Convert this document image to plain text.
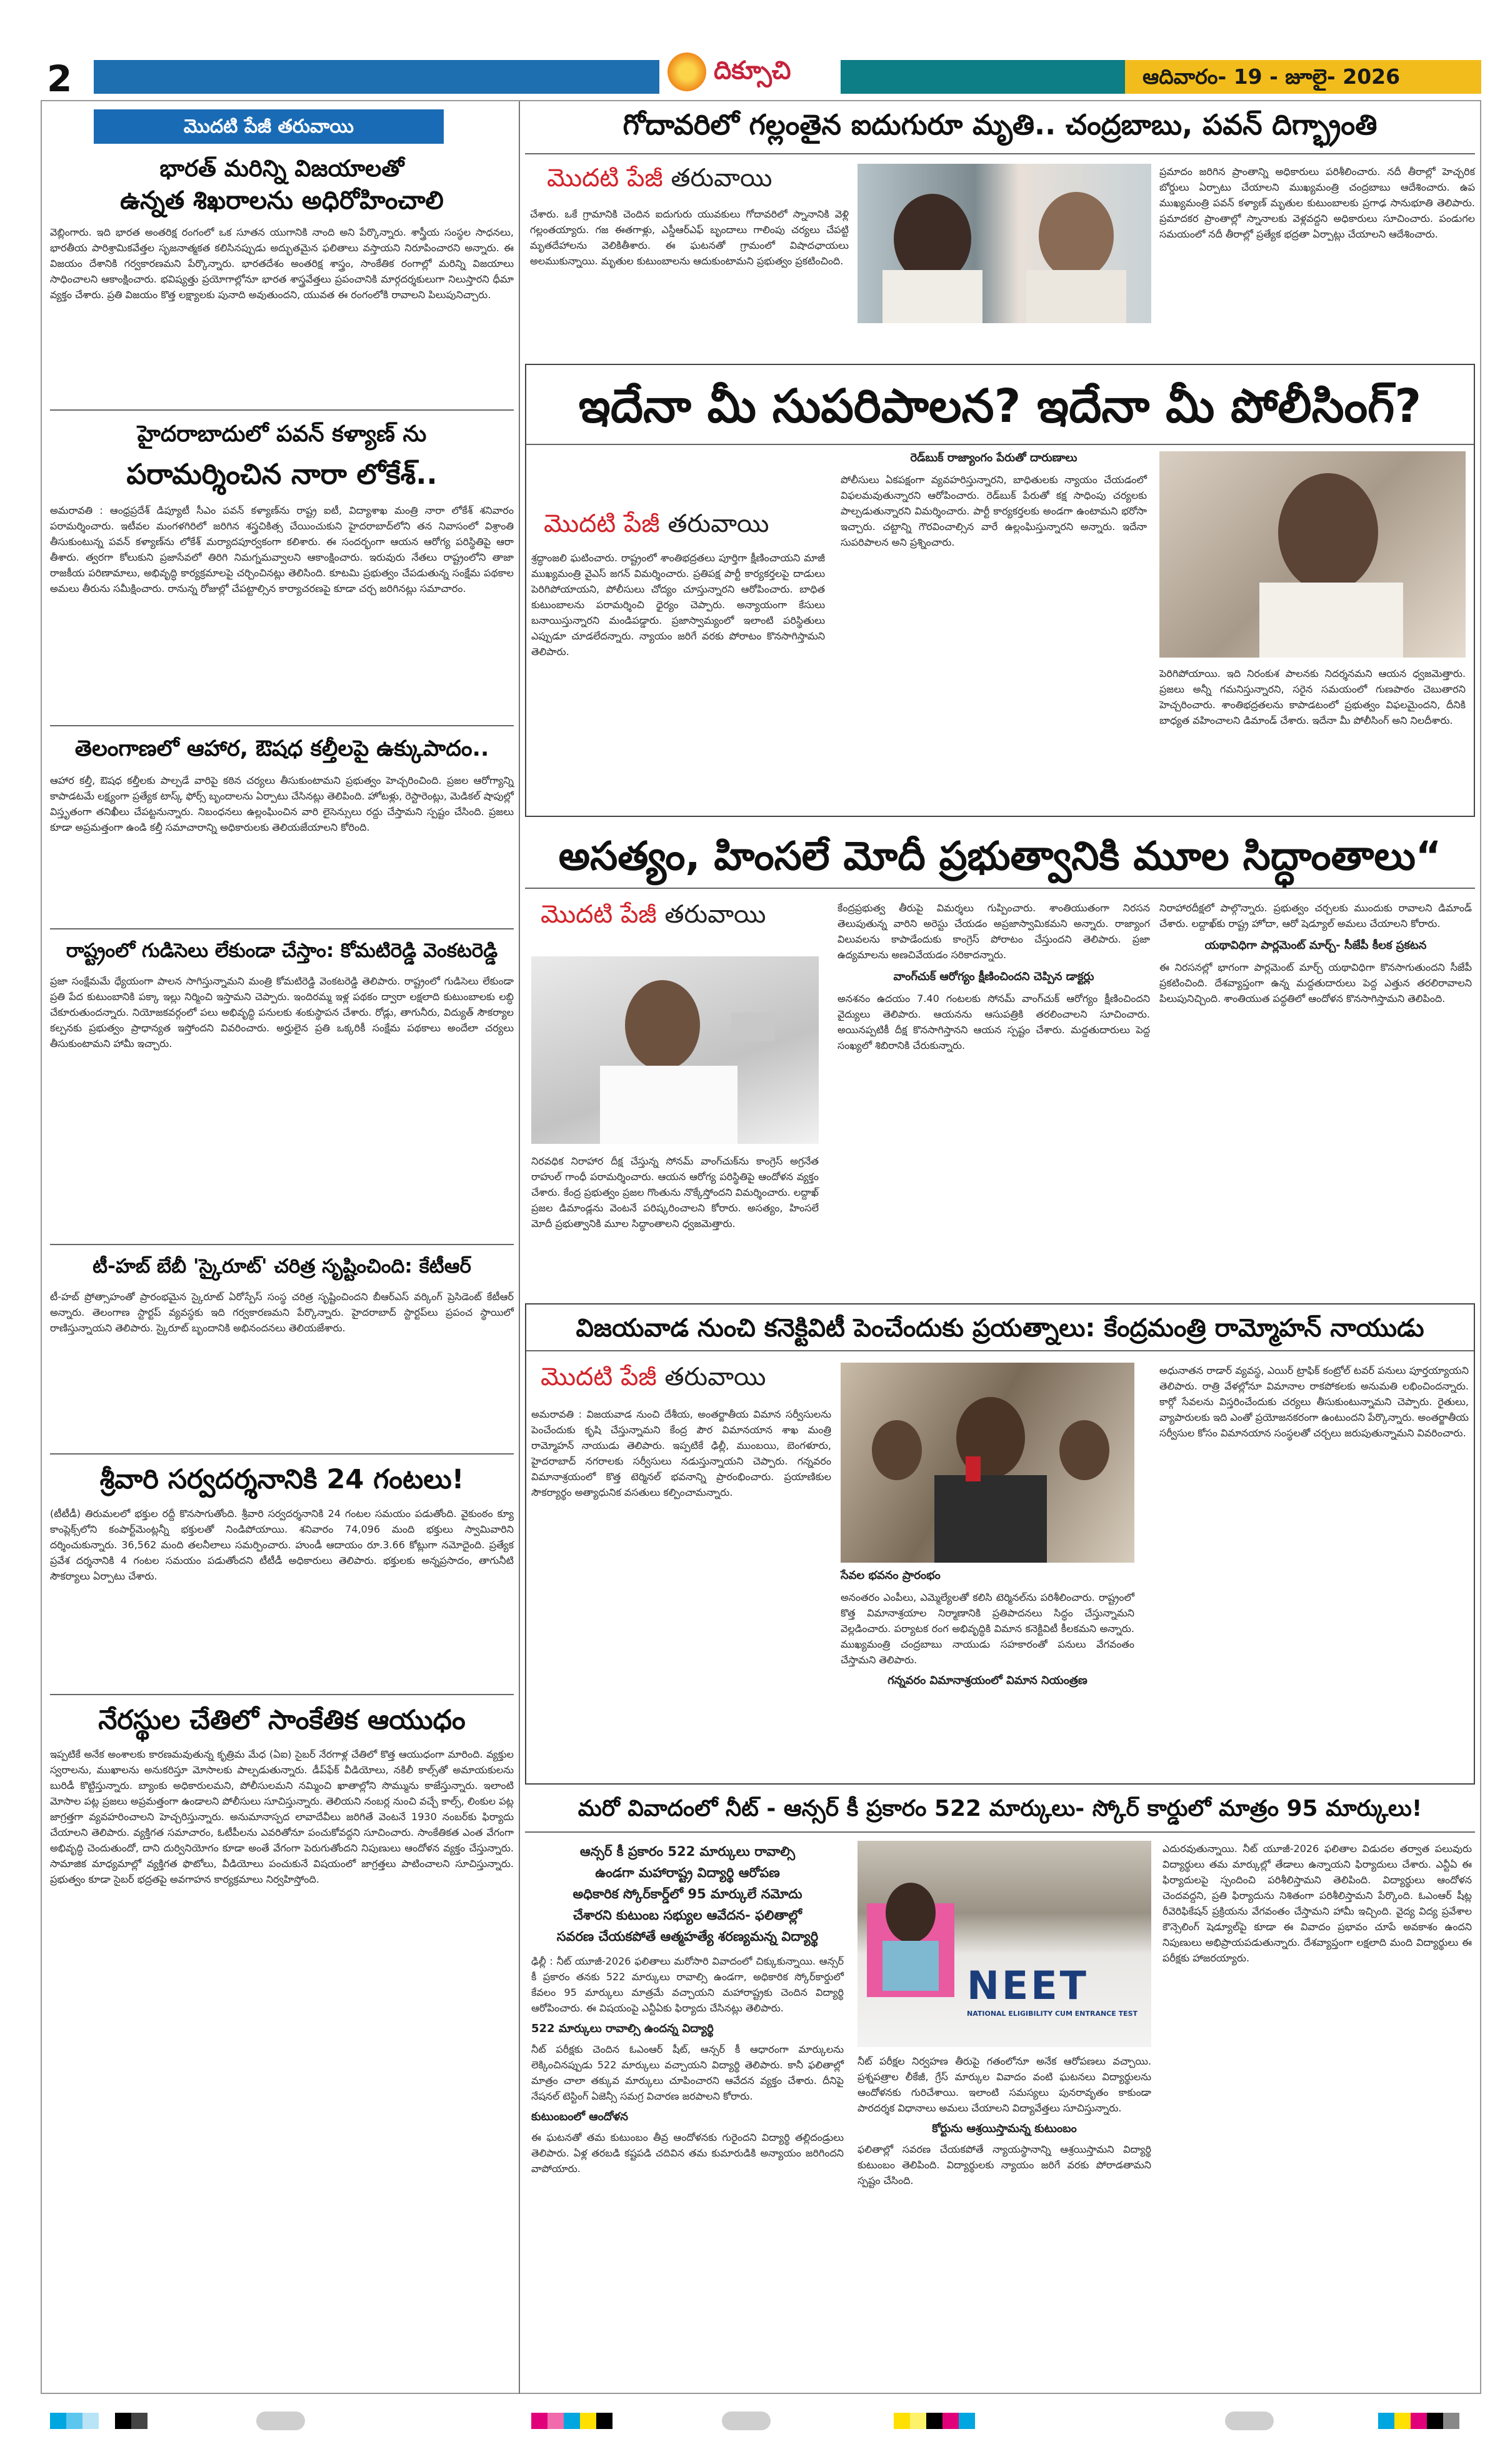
2	దిక్సూచి	ఆదివారం- 19 - జూలై- 2026
మొదటి పేజీ తరువాయి
భారత్ మరిన్ని విజయాలతో
ఉన్నత శిఖరాలను అధిరోహించాలి

వెబ్లింగారు. ఇది భారత అంతరిక్ష రంగంలో ఒక సూతన యుగానికి నాంది అని పేర్కొన్నారు. శాస్త్రీయ సంస్థల సాధనలు, భారతీయ పారిశ్రామికవేత్తల సృజనాత్మకత కలిసినప్పుడు అద్భుతమైన ఫలితాలు వస్తాయని నిరూపించారని అన్నారు. ఈ విజయం దేశానికి గర్వకారణమని పేర్కొన్నారు. భారతదేశం అంతరిక్ష శాస్త్రం, సాంకేతిక రంగాల్లో మరిన్ని విజయాలు సాధించాలని ఆకాంక్షించారు. భవిష్యత్తు ప్రయోగాల్లోనూ భారత శాస్త్రవేత్తలు ప్రపంచానికి మార్గదర్శకులుగా నిలుస్తారని ధీమా వ్యక్తం చేశారు. ప్రతి విజయం కొత్త లక్ష్యాలకు పునాది అవుతుందని, యువత ఈ రంగంలోకి రావాలని పిలుపునిచ్చారు.

హైదరాబాదులో పవన్ కళ్యాణ్ ను
పరామర్శించిన నారా లోకేశ్..

అమరావతి : ఆంధ్రప్రదేశ్ డిప్యూటీ సీఎం పవన్ కళ్యాణ్‌ను రాష్ట్ర ఐటీ, విద్యాశాఖ మంత్రి నారా లోకేశ్ శనివారం పరామర్శించారు. ఇటీవల మంగళగిరిలో జరిగిన శస్త్రచికిత్స చేయించుకుని హైదరాబాద్‌లోని తన నివాసంలో విశ్రాంతి తీసుకుంటున్న పవన్ కళ్యాణ్‌ను లోకేశ్ మర్యాదపూర్వకంగా కలిశారు. ఈ సందర్భంగా ఆయన ఆరోగ్య పరిస్థితిపై ఆరా తీశారు. త్వరగా కోలుకుని ప్రజాసేవలో తిరిగి నిమగ్నమవ్వాలని ఆకాంక్షించారు. ఇరువురు నేతలు రాష్ట్రంలోని తాజా రాజకీయ పరిణామాలు, అభివృద్ధి కార్యక్రమాలపై చర్చించినట్లు తెలిసింది. కూటమి ప్రభుత్వం చేపడుతున్న సంక్షేమ పథకాల అమలు తీరును సమీక్షించారు. రానున్న రోజుల్లో చేపట్టాల్సిన కార్యాచరణపై కూడా చర్చ జరిగినట్లు సమాచారం.

తెలంగాణలో ఆహార, ఔషధ కల్తీలపై ఉక్కుపాదం..

ఆహార కల్తీ, ఔషధ కల్తీలకు పాల్పడే వారిపై కఠిన చర్యలు తీసుకుంటామని ప్రభుత్వం హెచ్చరించింది. ప్రజల ఆరోగ్యాన్ని కాపాడటమే లక్ష్యంగా ప్రత్యేక టాస్క్ ఫోర్స్ బృందాలను ఏర్పాటు చేసినట్లు తెలిపింది. హోటళ్లు, రెస్టారెంట్లు, మెడికల్ షాపుల్లో విస్తృతంగా తనిఖీలు చేపట్టనున్నారు. నిబంధనలు ఉల్లంఘించిన వారి లైసెన్సులు రద్దు చేస్తామని స్పష్టం చేసింది. ప్రజలు కూడా అప్రమత్తంగా ఉండి కల్తీ సమాచారాన్ని అధికారులకు తెలియజేయాలని కోరింది.

రాష్ట్రంలో గుడిసెలు లేకుండా చేస్తాం: కోమటిరెడ్డి వెంకటరెడ్డి

ప్రజా సంక్షేమమే ధ్యేయంగా పాలన సాగిస్తున్నామని మంత్రి కోమటిరెడ్డి వెంకటరెడ్డి తెలిపారు. రాష్ట్రంలో గుడిసెలు లేకుండా ప్రతి పేద కుటుంబానికి పక్కా ఇల్లు నిర్మించి ఇస్తామని చెప్పారు. ఇందిరమ్మ ఇళ్ల పథకం ద్వారా లక్షలాది కుటుంబాలకు లబ్ధి చేకూరుతుందన్నారు. నియోజకవర్గంలో పలు అభివృద్ధి పనులకు శంకుస్థాపన చేశారు. రోడ్లు, తాగునీరు, విద్యుత్ సౌకర్యాల కల్పనకు ప్రభుత్వం ప్రాధాన్యత ఇస్తోందని వివరించారు. అర్హులైన ప్రతి ఒక్కరికీ సంక్షేమ పథకాలు అందేలా చర్యలు తీసుకుంటామని హామీ ఇచ్చారు.

టీ-హబ్ బేబీ 'స్కైరూట్' చరిత్ర సృష్టించింది: కేటీఆర్

టీ-హబ్ ప్రోత్సాహంతో ప్రారంభమైన స్కైరూట్ ఏరోస్పేస్ సంస్థ చరిత్ర సృష్టించిందని బీఆర్ఎస్ వర్కింగ్ ప్రెసిడెంట్ కేటీఆర్ అన్నారు. తెలంగాణ స్టార్టప్ వ్యవస్థకు ఇది గర్వకారణమని పేర్కొన్నారు. హైదరాబాద్ స్టార్టప్‌లు ప్రపంచ స్థాయిలో రాణిస్తున్నాయని తెలిపారు. స్కైరూట్ బృందానికి అభినందనలు తెలియజేశారు.

శ్రీవారి సర్వదర్శనానికి 24 గంటలు!

(టీటీడీ) తిరుమలలో భక్తుల రద్దీ కొనసాగుతోంది. శ్రీవారి సర్వదర్శనానికి 24 గంటల సమయం పడుతోంది. వైకుంఠం క్యూ కాంప్లెక్స్‌లోని కంపార్ట్‌మెంట్లన్నీ భక్తులతో నిండిపోయాయి. శనివారం 74,096 మంది భక్తులు స్వామివారిని దర్శించుకున్నారు. 36,562 మంది తలనీలాలు సమర్పించారు. హుండీ ఆదాయం రూ.3.66 కోట్లుగా నమోదైంది. ప్రత్యేక ప్రవేశ దర్శనానికి 4 గంటల సమయం పడుతోందని టీటీడీ అధికారులు తెలిపారు. భక్తులకు అన్నప్రసాదం, తాగునీటి సౌకర్యాలు ఏర్పాటు చేశారు.

నేరస్థుల చేతిలో సాంకేతిక ఆయుధం

ఇప్పటికే అనేక అంశాలకు కారణమవుతున్న కృత్రిమ మేధ (ఏఐ) సైబర్ నేరగాళ్ల చేతిలో కొత్త ఆయుధంగా మారింది. వ్యక్తుల స్వరాలను, ముఖాలను అనుకరిస్తూ మోసాలకు పాల్పడుతున్నారు. డీప్‌ఫేక్ వీడియోలు, నకిలీ కాల్స్‌తో అమాయకులను బురిడీ కొట్టిస్తున్నారు. బ్యాంకు అధికారులమని, పోలీసులమని నమ్మించి ఖాతాల్లోని సొమ్మును కాజేస్తున్నారు. ఇలాంటి మోసాల పట్ల ప్రజలు అప్రమత్తంగా ఉండాలని పోలీసులు సూచిస్తున్నారు. తెలియని నంబర్ల నుంచి వచ్చే కాల్స్, లింకుల పట్ల జాగ్రత్తగా వ్యవహరించాలని హెచ్చరిస్తున్నారు. అనుమానాస్పద లావాదేవీలు జరిగితే వెంటనే 1930 నంబర్‌కు ఫిర్యాదు చేయాలని తెలిపారు. వ్యక్తిగత సమాచారం, ఓటీపీలను ఎవరితోనూ పంచుకోవద్దని సూచించారు. సాంకేతికత ఎంత వేగంగా అభివృద్ధి చెందుతుందో, దాని దుర్వినియోగం కూడా అంతే వేగంగా పెరుగుతోందని నిపుణులు ఆందోళన వ్యక్తం చేస్తున్నారు. సామాజిక మాధ్యమాల్లో వ్యక్తిగత ఫొటోలు, వీడియోలు పంచుకునే విషయంలో జాగ్రత్తలు పాటించాలని సూచిస్తున్నారు. ప్రభుత్వం కూడా సైబర్ భద్రతపై అవగాహన కార్యక్రమాలు నిర్వహిస్తోంది.

గోదావరిలో గల్లంతైన ఐదుగురూ మృతి.. చంద్రబాబు, పవన్ దిగ్భ్రాంతి
మొదటి పేజీ తరువాయి

చేశారు. ఒకే గ్రామానికి చెందిన ఐదుగురు యువకులు గోదావరిలో స్నానానికి వెళ్లి గల్లంతయ్యారు. గజ ఈతగాళ్లు, ఎస్డీఆర్ఎఫ్ బృందాలు గాలింపు చర్యలు చేపట్టి మృతదేహాలను వెలికితీశారు. ఈ ఘటనతో గ్రామంలో విషాదఛాయలు అలముకున్నాయి. మృతుల కుటుంబాలను ఆదుకుంటామని ప్రభుత్వం ప్రకటించింది.

ప్రమాదం జరిగిన ప్రాంతాన్ని అధికారులు పరిశీలించారు. నదీ తీరాల్లో హెచ్చరిక బోర్డులు ఏర్పాటు చేయాలని ముఖ్యమంత్రి చంద్రబాబు ఆదేశించారు. ఉప ముఖ్యమంత్రి పవన్ కళ్యాణ్ మృతుల కుటుంబాలకు ప్రగాఢ సానుభూతి తెలిపారు. ప్రమాదకర ప్రాంతాల్లో స్నానాలకు వెళ్లవద్దని అధికారులు సూచించారు. పండుగల సమయంలో నదీ తీరాల్లో ప్రత్యేక భద్రతా ఏర్పాట్లు చేయాలని ఆదేశించారు.

ఇదేనా మీ సుపరిపాలన? ఇదేనా మీ పోలీసింగ్?
మొదటి పేజీ తరువాయి

శ్రద్ధాంజలి ఘటించారు. రాష్ట్రంలో శాంతిభద్రతలు పూర్తిగా క్షీణించాయని మాజీ ముఖ్యమంత్రి వైఎస్ జగన్ విమర్శించారు. ప్రతిపక్ష పార్టీ కార్యకర్తలపై దాడులు పెరిగిపోయాయని, పోలీసులు చోద్యం చూస్తున్నారని ఆరోపించారు. బాధిత కుటుంబాలను పరామర్శించి ధైర్యం చెప్పారు. అన్యాయంగా కేసులు బనాయిస్తున్నారని మండిపడ్డారు. ప్రజాస్వామ్యంలో ఇలాంటి పరిస్థితులు ఎప్పుడూ చూడలేదన్నారు. న్యాయం జరిగే వరకు పోరాటం కొనసాగిస్తామని తెలిపారు.

రెడ్‌బుక్ రాజ్యాంగం పేరుతో దారుణాలు

పోలీసులు ఏకపక్షంగా వ్యవహరిస్తున్నారని, బాధితులకు న్యాయం చేయడంలో విఫలమవుతున్నారని ఆరోపించారు. రెడ్‌బుక్ పేరుతో కక్ష సాధింపు చర్యలకు పాల్పడుతున్నారని విమర్శించారు. పార్టీ కార్యకర్తలకు అండగా ఉంటామని భరోసా ఇచ్చారు. చట్టాన్ని గౌరవించాల్సిన వారే ఉల్లంఘిస్తున్నారని అన్నారు. ఇదేనా సుపరిపాలన అని ప్రశ్నించారు.

పెరిగిపోయాయి. ఇది నిరంకుశ పాలనకు నిదర్శనమని ఆయన ధ్వజమెత్తారు. ప్రజలు అన్నీ గమనిస్తున్నారని, సరైన సమయంలో గుణపాఠం చెబుతారని హెచ్చరించారు. శాంతిభద్రతలను కాపాడటంలో ప్రభుత్వం విఫలమైందని, దీనికి బాధ్యత వహించాలని డిమాండ్ చేశారు. ఇదేనా మీ పోలీసింగ్ అని నిలదీశారు.

అసత్యం, హింసలే మోదీ ప్రభుత్వానికి మూల సిద్ధాంతాలు“
మొదటి పేజీ తరువాయి

నిరవధిక నిరాహార దీక్ష చేస్తున్న సోనమ్ వాంగ్‌చుక్‌ను కాంగ్రెస్ అగ్రనేత రాహుల్ గాంధీ పరామర్శించారు. ఆయన ఆరోగ్య పరిస్థితిపై ఆందోళన వ్యక్తం చేశారు. కేంద్ర ప్రభుత్వం ప్రజల గొంతును నొక్కేస్తోందని విమర్శించారు. లద్దాఖ్ ప్రజల డిమాండ్లను వెంటనే పరిష్కరించాలని కోరారు. అసత్యం, హింసలే మోదీ ప్రభుత్వానికి మూల సిద్ధాంతాలని ధ్వజమెత్తారు.

కేంద్రప్రభుత్వ తీరుపై విమర్శలు గుప్పించారు. శాంతియుతంగా నిరసన తెలుపుతున్న వారిని అరెస్టు చేయడం అప్రజాస్వామికమని అన్నారు. రాజ్యాంగ విలువలను కాపాడేందుకు కాంగ్రెస్ పోరాటం చేస్తుందని తెలిపారు. ప్రజా ఉద్యమాలను అణచివేయడం సరికాదన్నారు.

వాంగ్‌చుక్ ఆరోగ్యం క్షీణించిందని చెప్పిన డాక్టర్లు

అనశనం ఉదయం 7.40 గంటలకు సోనమ్ వాంగ్‌చుక్ ఆరోగ్యం క్షీణించిందని వైద్యులు తెలిపారు. ఆయనను ఆసుపత్రికి తరలించాలని సూచించారు. అయినప్పటికీ దీక్ష కొనసాగిస్తానని ఆయన స్పష్టం చేశారు. మద్దతుదారులు పెద్ద సంఖ్యలో శిబిరానికి చేరుకున్నారు.

నిరాహారదీక్షలో పాల్గొన్నారు. ప్రభుత్వం చర్చలకు ముందుకు రావాలని డిమాండ్ చేశారు. లద్దాఖ్‌కు రాష్ట్ర హోదా, ఆరో షెడ్యూల్ అమలు చేయాలని కోరారు.

యథావిధిగా పార్లమెంట్ మార్చ్- సీజేపీ కీలక ప్రకటన

ఈ నిరసనల్లో భాగంగా పార్లమెంట్ మార్చ్ యథావిధిగా కొనసాగుతుందని సీజేపీ ప్రకటించింది. దేశవ్యాప్తంగా ఉన్న మద్దతుదారులు పెద్ద ఎత్తున తరలిరావాలని పిలుపునిచ్చింది. శాంతియుత పద్ధతిలో ఆందోళన కొనసాగిస్తామని తెలిపింది.

విజయవాడ నుంచి కనెక్టివిటీ పెంచేందుకు ప్రయత్నాలు: కేంద్రమంత్రి రామ్మోహన్ నాయుడు
మొదటి పేజీ తరువాయి

అమరావతి : విజయవాడ నుంచి దేశీయ, అంతర్జాతీయ విమాన సర్వీసులను పెంచేందుకు కృషి చేస్తున్నామని కేంద్ర పౌర విమానయాన శాఖ మంత్రి రామ్మోహన్ నాయుడు తెలిపారు. ఇప్పటికే ఢిల్లీ, ముంబయి, బెంగళూరు, హైదరాబాద్ నగరాలకు సర్వీసులు నడుస్తున్నాయని చెప్పారు. గన్నవరం విమానాశ్రయంలో కొత్త టెర్మినల్ భవనాన్ని ప్రారంభించారు. ప్రయాణికుల సౌకర్యార్థం అత్యాధునిక వసతులు కల్పించామన్నారు.

సేవల భవనం ప్రారంభం

అనంతరం ఎంపీలు, ఎమ్మెల్యేలతో కలిసి టెర్మినల్‌ను పరిశీలించారు. రాష్ట్రంలో కొత్త విమానాశ్రయాల నిర్మాణానికి ప్రతిపాదనలు సిద్ధం చేస్తున్నామని వెల్లడించారు. పర్యాటక రంగ అభివృద్ధికి విమాన కనెక్టివిటీ కీలకమని అన్నారు. ముఖ్యమంత్రి చంద్రబాబు నాయుడు సహకారంతో పనులు వేగవంతం చేస్తామని తెలిపారు.

గన్నవరం విమానాశ్రయంలో విమాన నియంత్రణ

అధునాతన రాడార్ వ్యవస్థ, ఎయిర్ ట్రాఫిక్ కంట్రోల్ టవర్ పనులు పూర్తయ్యాయని తెలిపారు. రాత్రి వేళల్లోనూ విమానాల రాకపోకలకు అనుమతి లభించిందన్నారు. కార్గో సేవలను విస్తరించేందుకు చర్యలు తీసుకుంటున్నామని చెప్పారు. రైతులు, వ్యాపారులకు ఇది ఎంతో ప్రయోజనకరంగా ఉంటుందని పేర్కొన్నారు. అంతర్జాతీయ సర్వీసుల కోసం విమానయాన సంస్థలతో చర్చలు జరుపుతున్నామని వివరించారు.

మరో వివాదంలో నీట్ - ఆన్సర్ కీ ప్రకారం 522 మార్కులు- స్కోర్ కార్డులో మాత్రం 95 మార్కులు!
ఆన్సర్ కీ ప్రకారం 522 మార్కులు రావాల్సి
ఉండగా మహారాష్ట్ర విద్యార్థి ఆరోపణ
అధికారిక స్కోర్‌కార్డ్‌లో 95 మార్కులే నమోదు
చేశారని కుటుంబ సభ్యుల ఆవేదన- ఫలితాల్లో
సవరణ చేయకపోతే ఆత్మహత్యే శరణ్యమన్న విద్యార్థి

ఢిల్లీ : నీట్ యూజీ-2026 ఫలితాలు మరోసారి వివాదంలో చిక్కుకున్నాయి. ఆన్సర్ కీ ప్రకారం తనకు 522 మార్కులు రావాల్సి ఉండగా, అధికారిక స్కోర్‌కార్డులో కేవలం 95 మార్కులు మాత్రమే వచ్చాయని మహారాష్ట్రకు చెందిన విద్యార్థి ఆరోపించారు. ఈ విషయంపై ఎన్టీఏకు ఫిర్యాదు చేసినట్లు తెలిపారు.

522 మార్కులు రావాల్సి ఉందన్న విద్యార్థి

నీట్ పరీక్షకు చెందిన ఓఎంఆర్ షీట్, ఆన్సర్ కీ ఆధారంగా మార్కులను లెక్కించినప్పుడు 522 మార్కులు వచ్చాయని విద్యార్థి తెలిపారు. కానీ ఫలితాల్లో మాత్రం చాలా తక్కువ మార్కులు చూపించారని ఆవేదన వ్యక్తం చేశారు. దీనిపై నేషనల్ టెస్టింగ్ ఏజెన్సీ సమగ్ర విచారణ జరపాలని కోరారు.

కుటుంబంలో ఆందోళన

ఈ ఘటనతో తమ కుటుంబం తీవ్ర ఆందోళనకు గురైందని విద్యార్థి తల్లిదండ్రులు తెలిపారు. ఏళ్ల తరబడి కష్టపడి చదివిన తమ కుమారుడికి అన్యాయం జరిగిందని వాపోయారు.

NEET
NATIONAL ELIGIBILITY CUM ENTRANCE TEST

నీట్ పరీక్షల నిర్వహణ తీరుపై గతంలోనూ అనేక ఆరోపణలు వచ్చాయి. ప్రశ్నపత్రాల లీకేజీ, గ్రేస్ మార్కుల వివాదం వంటి ఘటనలు విద్యార్థులను ఆందోళనకు గురిచేశాయి. ఇలాంటి సమస్యలు పునరావృతం కాకుండా పారదర్శక విధానాలు అమలు చేయాలని విద్యావేత్తలు సూచిస్తున్నారు.

కోర్టును ఆశ్రయిస్తామన్న కుటుంబం

ఫలితాల్లో సవరణ చేయకపోతే న్యాయస్థానాన్ని ఆశ్రయిస్తామని విద్యార్థి కుటుంబం తెలిపింది. విద్యార్థులకు న్యాయం జరిగే వరకు పోరాడతామని స్పష్టం చేసింది.

ఎదురవుతున్నాయి. నీట్ యూజీ-2026 ఫలితాల విడుదల తర్వాత పలువురు విద్యార్థులు తమ మార్కుల్లో తేడాలు ఉన్నాయని ఫిర్యాదులు చేశారు. ఎన్టీఏ ఈ ఫిర్యాదులపై స్పందించి పరిశీలిస్తామని తెలిపింది. విద్యార్థులు ఆందోళన చెందవద్దని, ప్రతి ఫిర్యాదును నిశితంగా పరిశీలిస్తామని పేర్కొంది. ఓఎంఆర్ షీట్ల రీవెరిఫికేషన్ ప్రక్రియను వేగవంతం చేస్తామని హామీ ఇచ్చింది. వైద్య విద్య ప్రవేశాల కౌన్సెలింగ్ షెడ్యూల్‌పై కూడా ఈ వివాదం ప్రభావం చూపే అవకాశం ఉందని నిపుణులు అభిప్రాయపడుతున్నారు. దేశవ్యాప్తంగా లక్షలాది మంది విద్యార్థులు ఈ పరీక్షకు హాజరయ్యారు.
